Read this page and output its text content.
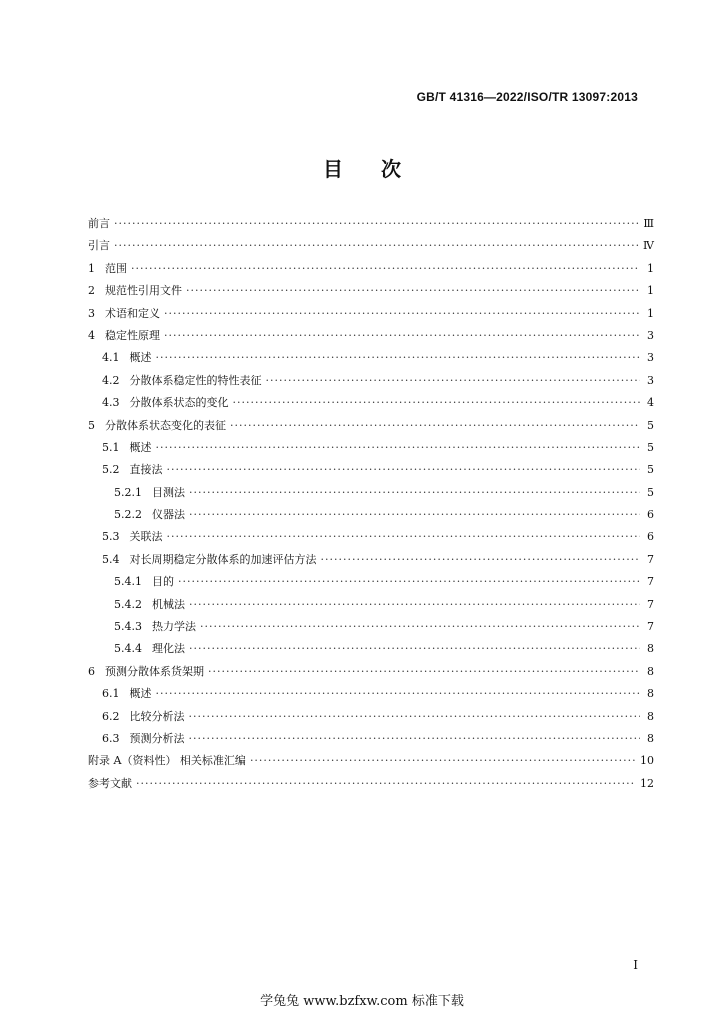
GB/T 41316—2022/ISO/TR 13097:2013
目 次
前言 ·····	Ⅲ
引言 ·····	Ⅳ
1 范围 ·····	1
2 规范性引用文件 ·····	1
3 术语和定义 ·····	1
4 稳定性原理 ·····	3
4.1 概述 ·····	3
4.2 分散体系稳定性的特性表征 ·····	3
4.3 分散体系状态的变化 ·····	4
5 分散体系状态变化的表征 ·····	5
5.1 概述 ·····	5
5.2 直接法 ·····	5
5.2.1 目测法 ·····	5
5.2.2 仪器法 ·····	6
5.3 关联法 ·····	6
5.4 对长周期稳定分散体系的加速评估方法 ·····	7
5.4.1 目的 ·····	7
5.4.2 机械法 ·····	7
5.4.3 热力学法 ·····	7
5.4.4 理化法 ·····	8
6 预测分散体系货架期 ·····	8
6.1 概述 ·····	8
6.2 比较分析法 ·····	8
6.3 预测分析法 ·····	8
附录 A（资料性） 相关标准汇编 ·····	10
参考文献 ·····	12
I
学兔兔 www.bzfxw.com 标准下载
